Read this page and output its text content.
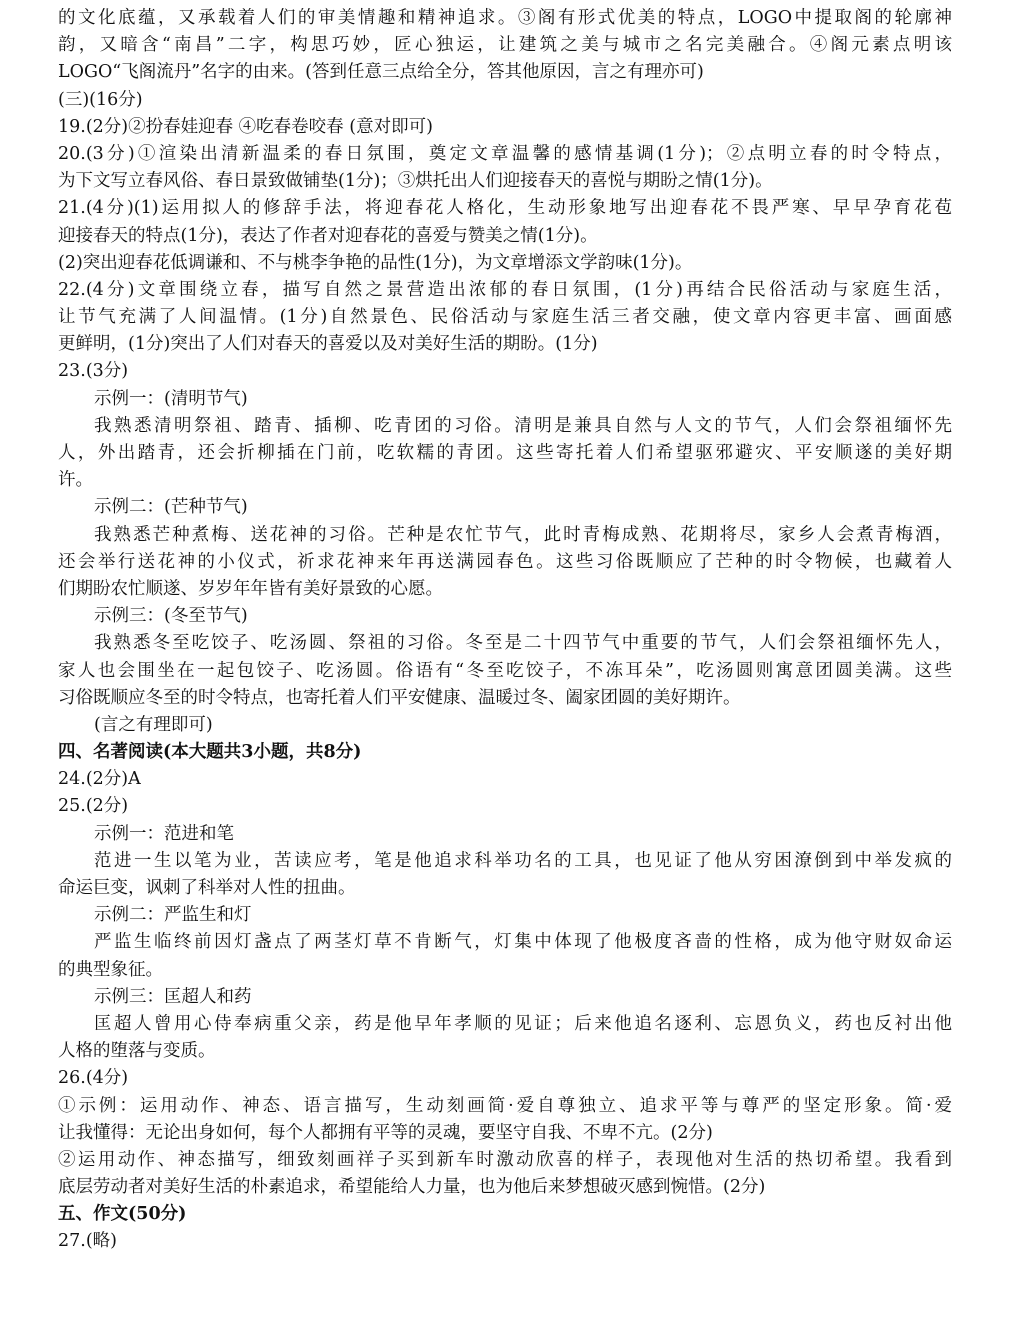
的文化底蕴，又承载着人们的审美情趣和精神追求。③阁有形式优美的特点，LOGO中提取阁的轮廓神
韵，又暗含“南昌”二字，构思巧妙，匠心独运，让建筑之美与城市之名完美融合。④阁元素点明该
LOGO“飞阁流丹”名字的由来。(答到任意三点给全分，答其他原因，言之有理亦可)
(三)(16分)
19.(2分)②扮春娃迎春 ④吃春卷咬春 (意对即可)
20.(3分)①渲染出清新温柔的春日氛围，奠定文章温馨的感情基调(1分)；②点明立春的时令特点，
为下文写立春风俗、春日景致做铺垫(1分)；③烘托出人们迎接春天的喜悦与期盼之情(1分)。
21.(4分)(1)运用拟人的修辞手法，将迎春花人格化，生动形象地写出迎春花不畏严寒、早早孕育花苞
迎接春天的特点(1分)，表达了作者对迎春花的喜爱与赞美之情(1分)。
(2)突出迎春花低调谦和、不与桃李争艳的品性(1分)，为文章增添文学韵味(1分)。
22.(4分)文章围绕立春，描写自然之景营造出浓郁的春日氛围，(1分)再结合民俗活动与家庭生活，
让节气充满了人间温情。(1分)自然景色、民俗活动与家庭生活三者交融，使文章内容更丰富、画面感
更鲜明，(1分)突出了人们对春天的喜爱以及对美好生活的期盼。(1分)
23.(3分)
示例一：(清明节气)
我熟悉清明祭祖、踏青、插柳、吃青团的习俗。清明是兼具自然与人文的节气，人们会祭祖缅怀先
人，外出踏青，还会折柳插在门前，吃软糯的青团。这些寄托着人们希望驱邪避灾、平安顺遂的美好期
许。
示例二：(芒种节气)
我熟悉芒种煮梅、送花神的习俗。芒种是农忙节气，此时青梅成熟、花期将尽，家乡人会煮青梅酒，
还会举行送花神的小仪式，祈求花神来年再送满园春色。这些习俗既顺应了芒种的时令物候，也藏着人
们期盼农忙顺遂、岁岁年年皆有美好景致的心愿。
示例三：(冬至节气)
我熟悉冬至吃饺子、吃汤圆、祭祖的习俗。冬至是二十四节气中重要的节气，人们会祭祖缅怀先人，
家人也会围坐在一起包饺子、吃汤圆。俗语有“冬至吃饺子，不冻耳朵”，吃汤圆则寓意团圆美满。这些
习俗既顺应冬至的时令特点，也寄托着人们平安健康、温暖过冬、阖家团圆的美好期许。
(言之有理即可)
四、名著阅读(本大题共3小题，共8分)
24.(2分)A
25.(2分)
示例一：范进和笔
范进一生以笔为业，苦读应考，笔是他追求科举功名的工具，也见证了他从穷困潦倒到中举发疯的
命运巨变，讽刺了科举对人性的扭曲。
示例二：严监生和灯
严监生临终前因灯盏点了两茎灯草不肯断气，灯集中体现了他极度吝啬的性格，成为他守财奴命运
的典型象征。
示例三：匡超人和药
匡超人曾用心侍奉病重父亲，药是他早年孝顺的见证；后来他追名逐利、忘恩负义，药也反衬出他
人格的堕落与变质。
26.(4分)
①示例：运用动作、神态、语言描写，生动刻画简·爱自尊独立、追求平等与尊严的坚定形象。简·爱
让我懂得：无论出身如何，每个人都拥有平等的灵魂，要坚守自我、不卑不亢。(2分)
②运用动作、神态描写，细致刻画祥子买到新车时激动欣喜的样子，表现他对生活的热切希望。我看到
底层劳动者对美好生活的朴素追求，希望能给人力量，也为他后来梦想破灭感到惋惜。(2分)
五、作文(50分)
27.(略)
